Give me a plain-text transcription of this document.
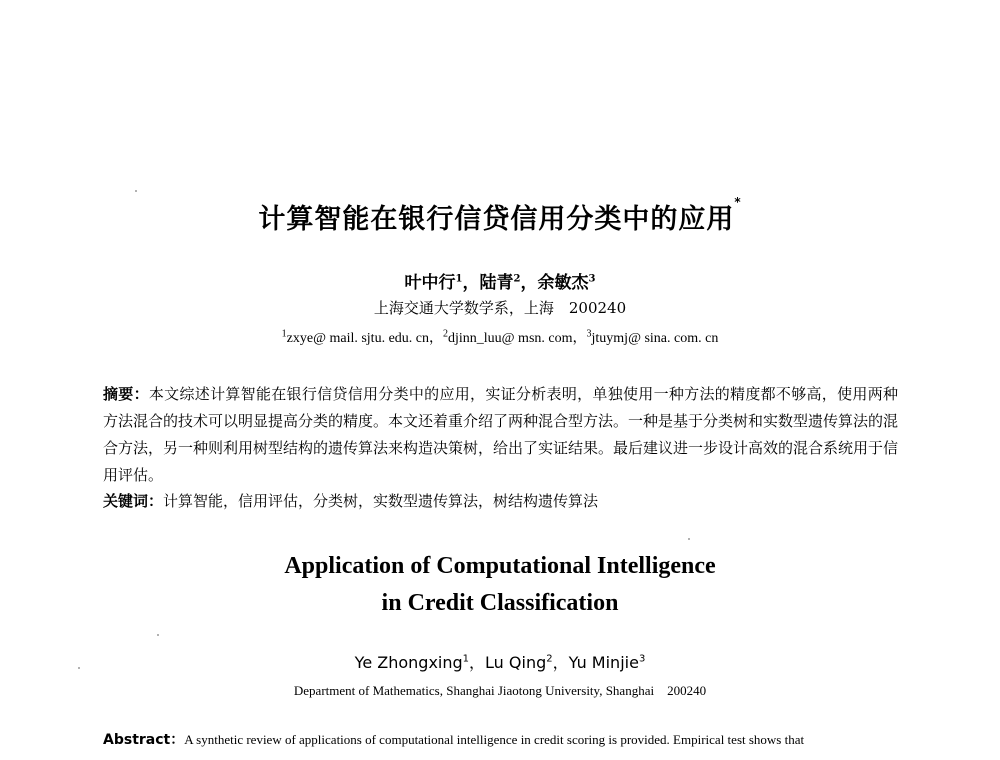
计算智能在银行信贷信用分类中的应用*
叶中行$^1$，陆青$^2$，余敏杰$^3$
上海交通大学数学系，上海　200240
$^1$zxye@ mail. sjtu. edu. cn，$^2$djinn_luu@ msn. com，$^3$jtuymj@ sina. com. cn
摘要：本文综述计算智能在银行信贷信用分类中的应用，实证分析表明，单独使用一种方法的精度都不够高，使用两种方法混合的技术可以明显提高分类的精度。本文还着重介绍了两种混合型方法。一种是基于分类树和实数型遗传算法的混合方法，另一种则利用树型结构的遗传算法来构造决策树，给出了实证结果。最后建议进一步设计高效的混合系统用于信用评估。
关键词：计算智能，信用评估，分类树，实数型遗传算法，树结构遗传算法
Application of Computational Intelligence
in Credit Classification
Ye Zhongxing$^1$，Lu Qing$^2$，Yu Minjie$^3$
Department of Mathematics, Shanghai Jiaotong University, Shanghai　200240
Abstract：A synthetic review of applications of computational intelligence in credit scoring is provided. Empirical test shows that
